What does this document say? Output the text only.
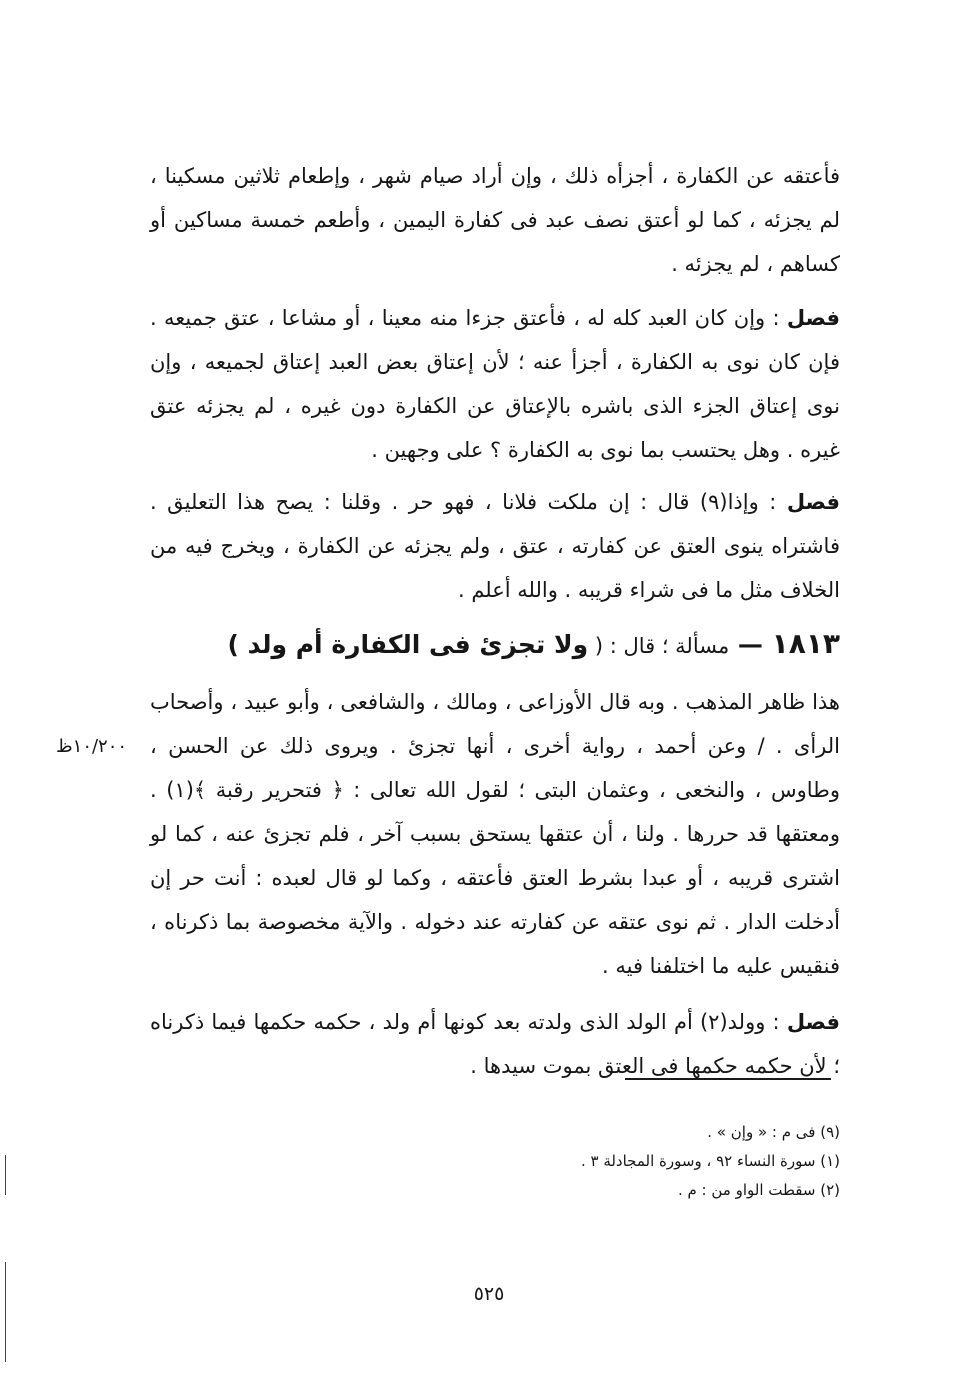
فأعتقه عن الكفارة ، أجزأه ذلك ، وإن أراد صيام شهر ، وإطعام ثلاثين مسكينا ، لم يجزئه ، كما لو أعتق نصف عبد فى كفارة اليمين ، وأطعم خمسة مساكين أو كساهم ، لم يجزئه .

فصل : وإن كان العبد كله له ، فأعتق جزءا منه معينا ، أو مشاعا ، عتق جميعه . فإن كان نوى به الكفارة ، أجزأ عنه ؛ لأن إعتاق بعض العبد إعتاق لجميعه ، وإن نوى إعتاق الجزء الذى باشره بالإعتاق عن الكفارة دون غيره ، لم يجزئه عتق غيره . وهل يحتسب بما نوى به الكفارة ؟ على وجهين .

فصل : وإذا(٩) قال : إن ملكت فلانا ، فهو حر . وقلنا : يصح هذا التعليق . فاشتراه ينوى العتق عن كفارته ، عتق ، ولم يجزئه عن الكفارة ، ويخرج فيه من الخلاف مثل ما فى شراء قريبه . والله أعلم .

١٨١٣ — مسألة ؛ قال : ( ولا تجزئ فى الكفارة أم ولد )

هذا ظاهر المذهب . وبه قال الأوزاعى ، ومالك ، والشافعى ، وأبو عبيد ، وأصحاب الرأى . / وعن أحمد ، رواية أخرى ، أنها تجزئ . ويروى ذلك عن الحسن ، وطاوس ، والنخعى ، وعثمان البتى ؛ لقول الله تعالى : ﴿ فتحرير رقبة ﴾(١) . ومعتقها قد حررها . ولنا ، أن عتقها يستحق بسبب آخر ، فلم تجزئ عنه ، كما لو اشترى قريبه ، أو عبدا بشرط العتق فأعتقه ، وكما لو قال لعبده : أنت حر إن أدخلت الدار . ثم نوى عتقه عن كفارته عند دخوله . والآية مخصوصة بما ذكرناه ، فنقيس عليه ما اختلفنا فيه .

فصل : وولد(٢) أم الولد الذى ولدته بعد كونها أم ولد ، حكمه حكمها فيما ذكرناه ؛ لأن حكمه حكمها فى العتق بموت سيدها .

١٠/٢٠٠ظ
(٩) فى م : « وإن » .
(١) سورة النساء ٩٢ ، وسورة المجادلة ٣ .
(٢) سقطت الواو من : م .
٥٢٥
